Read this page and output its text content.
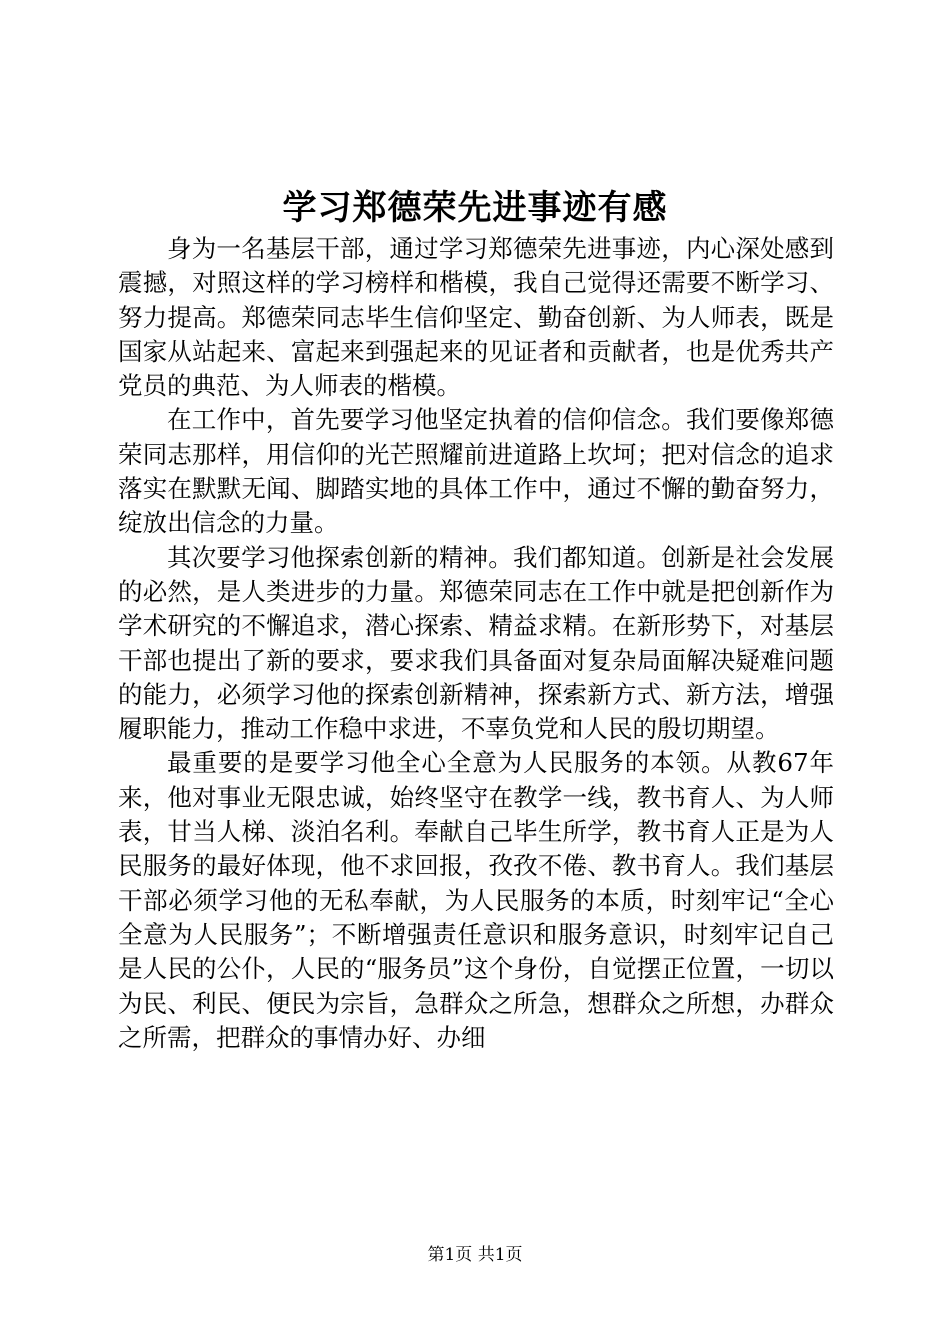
学习郑德荣先进事迹有感

身为一名基层干部，通过学习郑德荣先进事迹，内心深处感到震撼，对照这样的学习榜样和楷模，我自己觉得还需要不断学习、努力提高。郑德荣同志毕生信仰坚定、勤奋创新、为人师表，既是国家从站起来、富起来到强起来的见证者和贡献者，也是优秀共产党员的典范、为人师表的楷模。

在工作中，首先要学习他坚定执着的信仰信念。我们要像郑德荣同志那样，用信仰的光芒照耀前进道路上坎坷；把对信念的追求落实在默默无闻、脚踏实地的具体工作中，通过不懈的勤奋努力，绽放出信念的力量。

其次要学习他探索创新的精神。我们都知道。创新是社会发展的必然，是人类进步的力量。郑德荣同志在工作中就是把创新作为学术研究的不懈追求，潜心探索、精益求精。在新形势下，对基层干部也提出了新的要求，要求我们具备面对复杂局面解决疑难问题的能力，必须学习他的探索创新精神，探索新方式、新方法，增强履职能力，推动工作稳中求进，不辜负党和人民的殷切期望。

最重要的是要学习他全心全意为人民服务的本领。从教67年来，他对事业无限忠诚，始终坚守在教学一线，教书育人、为人师表，甘当人梯、淡泊名利。奉献自己毕生所学，教书育人正是为人民服务的最好体现，他不求回报，孜孜不倦、教书育人。我们基层干部必须学习他的无私奉献，为人民服务的本质，时刻牢记“全心全意为人民服务”；不断增强责任意识和服务意识，时刻牢记自己是人民的公仆，人民的“服务员”这个身份，自觉摆正位置，一切以为民、利民、便民为宗旨，急群众之所急，想群众之所想，办群众之所需，把群众的事情办好、办细

第1页 共1页
